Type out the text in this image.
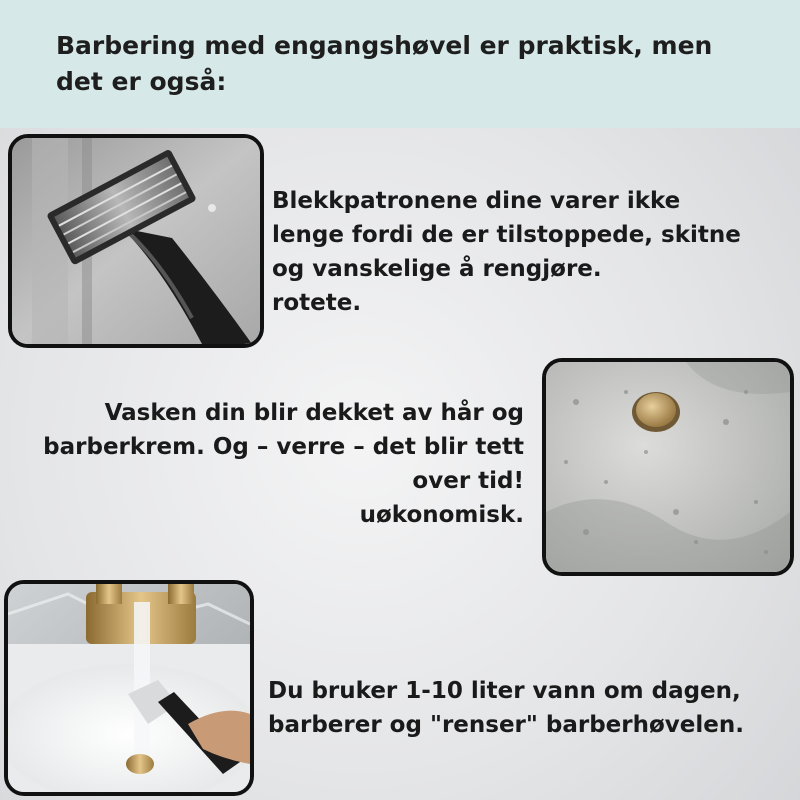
Barbering med engangshøvel er praktisk, men det er også:
Blekkpatronene dine varer ikke
lenge fordi de er tilstoppede, skitne
og vanskelige å rengjøre.
rotete.
Vasken din blir dekket av hår og
barberkrem. Og – verre – det blir tett
over tid!
uøkonomisk.
Du bruker 1-10 liter vann om dagen,
barberer og "renser" barberhøvelen.
